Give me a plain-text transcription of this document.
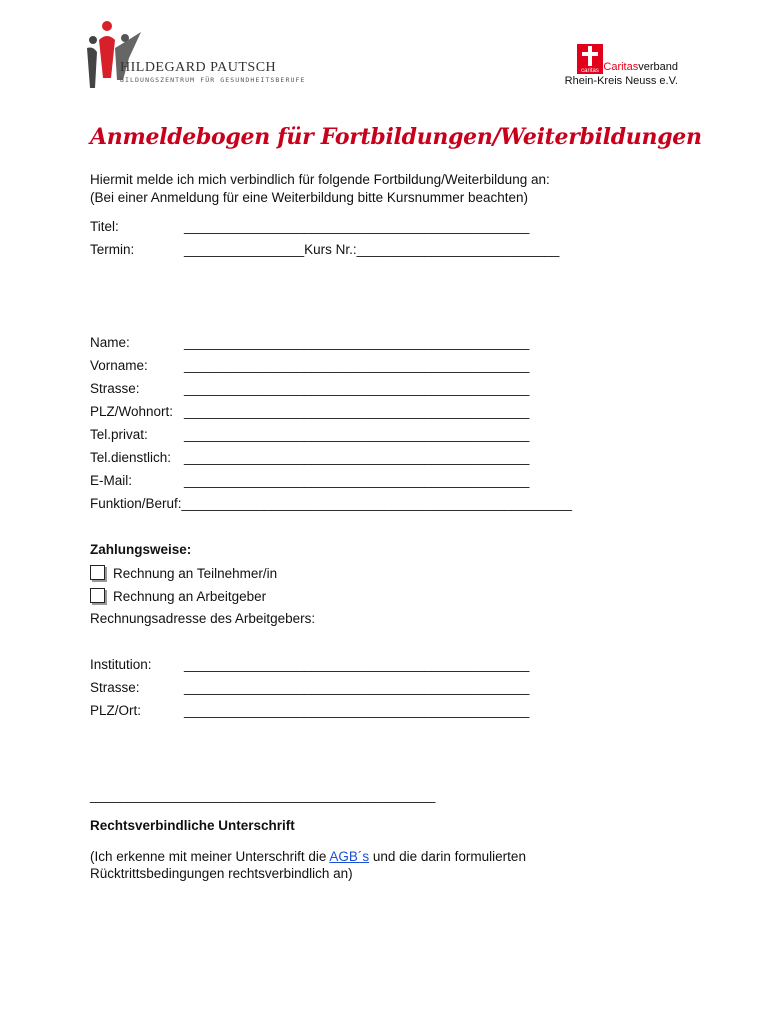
HILDEGARD PAUTSCH
BILDUNGSZENTRUM FÜR GESUNDHEITSBERUFE
caritas Caritasverband
Rhein-Kreis Neuss e.V.
Anmeldebogen für Fortbildungen/Weiterbildungen
Hiermit melde ich mich verbindlich für folgende Fortbildung/Weiterbildung an:
(Bei einer Anmeldung für eine Weiterbildung bitte Kursnummer beachten)
Titel:	______________________________________________
Termin:	________________Kurs Nr.:___________________________
Name:	______________________________________________
Vorname:	______________________________________________
Strasse:	______________________________________________
PLZ/Wohnort: ______________________________________________
Tel.privat:	______________________________________________
Tel.dienstlich: ______________________________________________
E-Mail:	______________________________________________
Funktion/Beruf:____________________________________________________
Zahlungsweise:
Rechnung an Teilnehmer/in
Rechnung an Arbeitgeber
Rechnungsadresse des Arbeitgebers:
Institution: ______________________________________________
Strasse:	______________________________________________
PLZ/Ort:	______________________________________________
______________________________________________
Rechtsverbindliche Unterschrift
(Ich erkenne mit meiner Unterschrift die AGB´s und die darin formulierten
Rücktrittsbedingungen rechtsverbindlich an)
